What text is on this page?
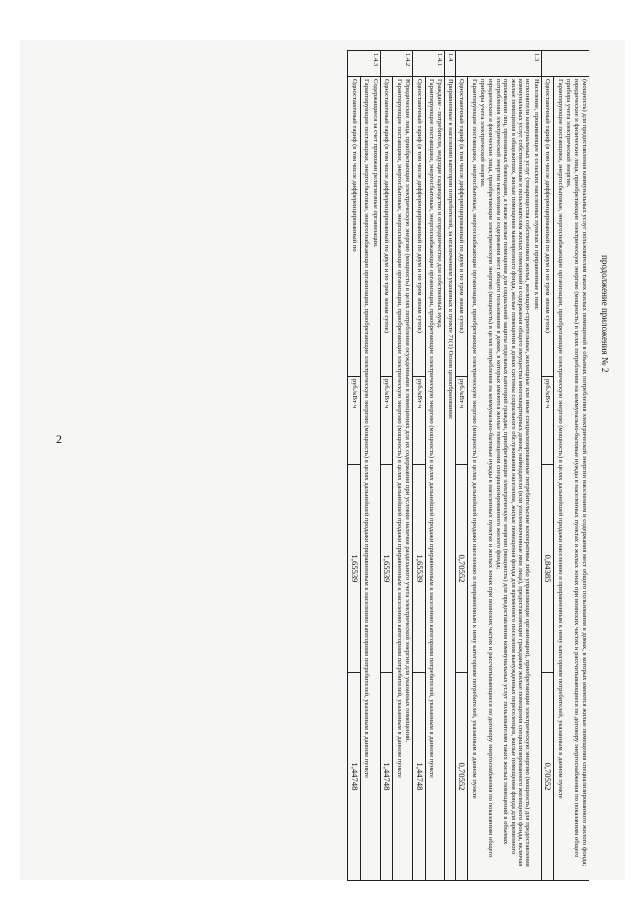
2
продолжение приложения № 2

	(мощность) для предоставления коммунальных услуг пользователям таких жилых помещений в объемах потребления электрической энергии населением и содержания мест общего пользования в домах, в которых имеются жилые помещения специализированного жилого фонда;

юридические и физические лица, приобретающие электрическую энергию (мощность) в целях потребления на коммунально-бытовые нужды в населенных пунктах и жилых зонах при воинских частях и рассчитывающиеся по договору энергоснабжения по показаниям общего прибора учета электрической энергии.

Гарантирующие поставщики, энергосбытовые, энергоснабжающие организации, приобретающие электрическую энергию (мощность) в целях дальнейшей продажи населению и приравненным к нему категориям потребителей, указанным в данном пункте			

	Одноставочный тариф (в том числе дифференцированный по двум и по трем зонам суток)	руб./кВт·ч	0,84385	0,70552
1.3	Население, проживающее в сельских населенных пунктах и приравненные к ним:

исполнители коммунальных услуг (товарищества собственников жилья, жилищно-строительные, жилищные или иные специализированные потребительские кооперативы либо управляющие организации), приобретающие электрическую энергию (мощность) для предоставления коммунальных услуг собственникам и пользователям жилых помещений и содержания общего имущества многоквартирных домов; наймодатели (или уполномоченные ими лица), предоставляющие гражданам жилые помещения специализированного жилищного фонда, включая жилые помещения в общежитиях, жилые помещения маневренного фонда, жилые помещения в домах системы социального обслуживания населения, жилые помещения фонда для временного поселения вынужденных переселенцев, жилые помещения фонда для временного проживания лиц, признанных беженцами, а также жилые помещения для социальной защиты отдельных категорий граждан, приобретающие электрическую энергию (мощность) для предоставления коммунальных услуг пользователям таких жилых помещений в объемах потребления электрической энергии населением и содержания мест общего пользования в домах, в которых имеются жилые помещения специализированного жилого фонда;

юридические и физические лица, приобретающие электрическую энергию (мощность) в целях потребления на коммунально-бытовые нужды в населенных пунктах и жилых зонах при воинских частях и рассчитывающиеся по договору энергоснабжения по показаниям общего прибора учета электрической энергии.

Гарантирующие поставщики, энергосбытовые, энергоснабжающие организации, приобретающие электрическую энергию (мощность) в целях дальнейшей продажи населению и приравненным к нему категориям потребителей, указанным в данном пункте			

	Одноставочный тариф (в том числе дифференцированный по двум и по трем зонам суток)	руб./кВт·ч	0,70552	0,70552
1.4	Приравненные к населению категории потребителей, за исключением указанных в пункте 71(1) Основ ценообразования:			
1.4.1	Граждане - потребители, ведущие садоводство и огородничество для собственных нужд.

Гарантирующие поставщики, энергосбытовые, энергоснабжающие организации, приобретающие электрическую энергию (мощность) в целях дальнейшей продажи приравненным к населению категориям потребителей, указанным в данном пункте			

	Одноставочный тариф (в том числе дифференцированный по двум и по трем зонам суток)	руб./кВт·ч	1,65539	1,44748
1.4.2	Юридические лица, приобретающие электрическую энергию (мощность) в целях потребления осужденными в помещениях для их содержания при условии наличия раздельного учета электрической энергии для указанных помещений.

Гарантирующие поставщики, энергосбытовые, энергоснабжающие организации, приобретающие электрическую энергию (мощность) в целях дальнейшей продажи приравненным к населению категориям потребителей, указанным в данном пункте			

	Одноставочный тариф (в том числе дифференцированный по двум и по трем зонам суток)	руб./кВт·ч	1,65539	1,44748
1.4.3	Содержащиеся за счет прихожан религиозные организации.

Гарантирующие поставщики, энергосбытовые, энергоснабжающие организации, приобретающие электрическую энергию (мощность) в целях дальнейшей продажи приравненным к населению категориям потребителей, указанным в данном пункте			

	Одноставочный тариф (в том числе дифференцированный по	руб./кВт·ч	1,65539	1,44748
